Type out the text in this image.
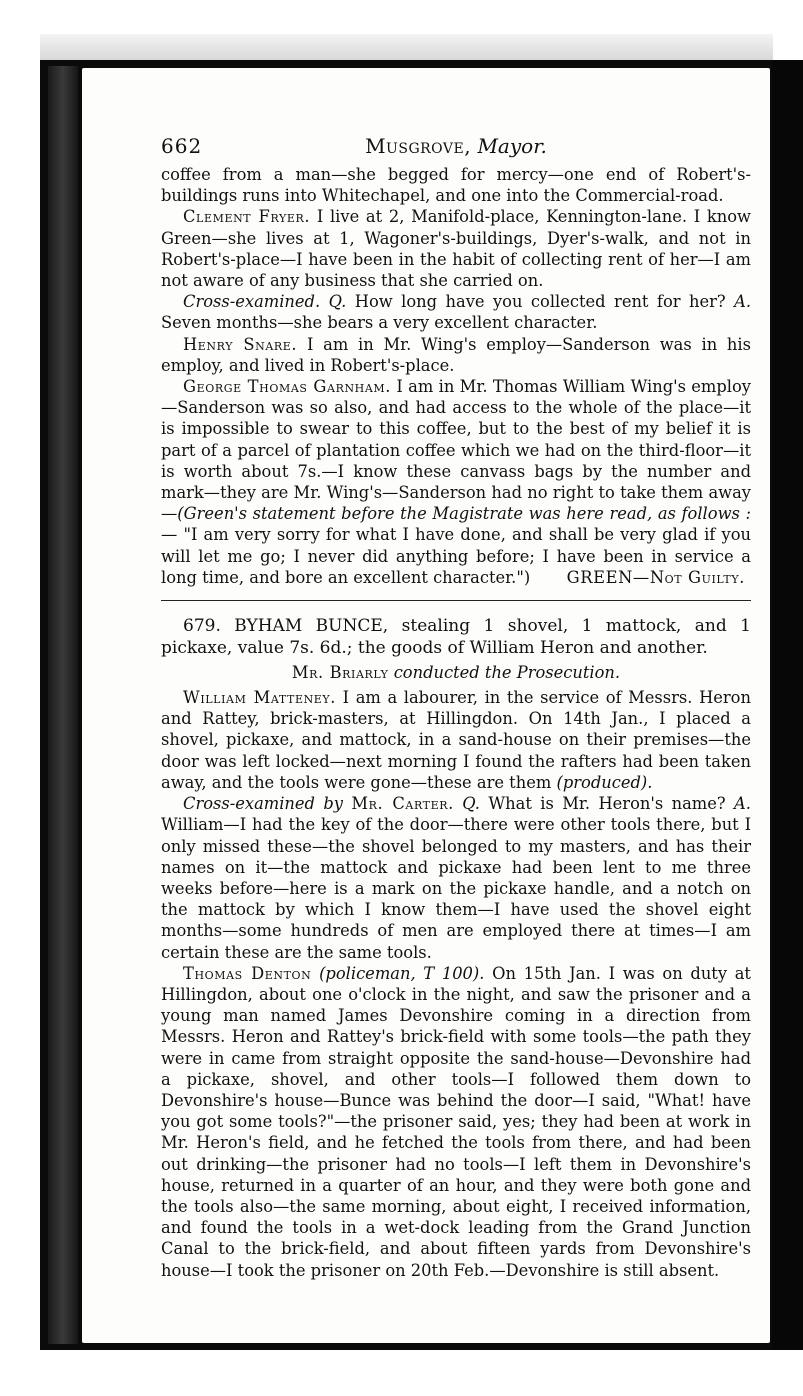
662	Musgrove, Mayor.

coffee from a man—she begged for mercy—one end of Robert's-buildings runs into Whitechapel, and one into the Commercial-road.

Clement Fryer. I live at 2, Manifold-place, Kennington-lane. I know Green—she lives at 1, Wagoner's-buildings, Dyer's-walk, and not in Robert's-place—I have been in the habit of collecting rent of her—I am not aware of any business that she carried on.

Cross-examined. Q. How long have you collected rent for her? A. Seven months—she bears a very excellent character.

Henry Snare. I am in Mr. Wing's employ—Sanderson was in his employ, and lived in Robert's-place.

George Thomas Garnham. I am in Mr. Thomas William Wing's employ—Sanderson was so also, and had access to the whole of the place—it is impossible to swear to this coffee, but to the best of my belief it is part of a parcel of plantation coffee which we had on the third-floor—it is worth about 7s.—I know these canvass bags by the number and mark—they are Mr. Wing's—Sanderson had no right to take them away—(Green's statement before the Magistrate was here read, as follows :— "I am very sorry for what I have done, and shall be very glad if you will let me go; I never did anything before; I have been in service a long time, and bore an excellent character.")	GREEN—Not Guilty.

679. BYHAM BUNCE, stealing 1 shovel, 1 mattock, and 1 pickaxe, value 7s. 6d.; the goods of William Heron and another.

Mr. Briarly conducted the Prosecution.

William Matteney. I am a labourer, in the service of Messrs. Heron and Rattey, brick-masters, at Hillingdon. On 14th Jan., I placed a shovel, pickaxe, and mattock, in a sand-house on their premises—the door was left locked—next morning I found the rafters had been taken away, and the tools were gone—these are them (produced).

Cross-examined by Mr. Carter. Q. What is Mr. Heron's name? A. William—I had the key of the door—there were other tools there, but I only missed these—the shovel belonged to my masters, and has their names on it—the mattock and pickaxe had been lent to me three weeks before—here is a mark on the pickaxe handle, and a notch on the mattock by which I know them—I have used the shovel eight months—some hundreds of men are employed there at times—I am certain these are the same tools.

Thomas Denton (policeman, T 100). On 15th Jan. I was on duty at Hillingdon, about one o'clock in the night, and saw the prisoner and a young man named James Devonshire coming in a direction from Messrs. Heron and Rattey's brick-field with some tools—the path they were in came from straight opposite the sand-house—Devonshire had a pickaxe, shovel, and other tools—I followed them down to Devonshire's house—Bunce was behind the door—I said, "What! have you got some tools?"—the prisoner said, yes; they had been at work in Mr. Heron's field, and he fetched the tools from there, and had been out drinking—the prisoner had no tools—I left them in Devonshire's house, returned in a quarter of an hour, and they were both gone and the tools also—the same morning, about eight, I received information, and found the tools in a wet-dock leading from the Grand Junction Canal to the brick-field, and about fifteen yards from Devonshire's house—I took the prisoner on 20th Feb.—Devonshire is still absent.
